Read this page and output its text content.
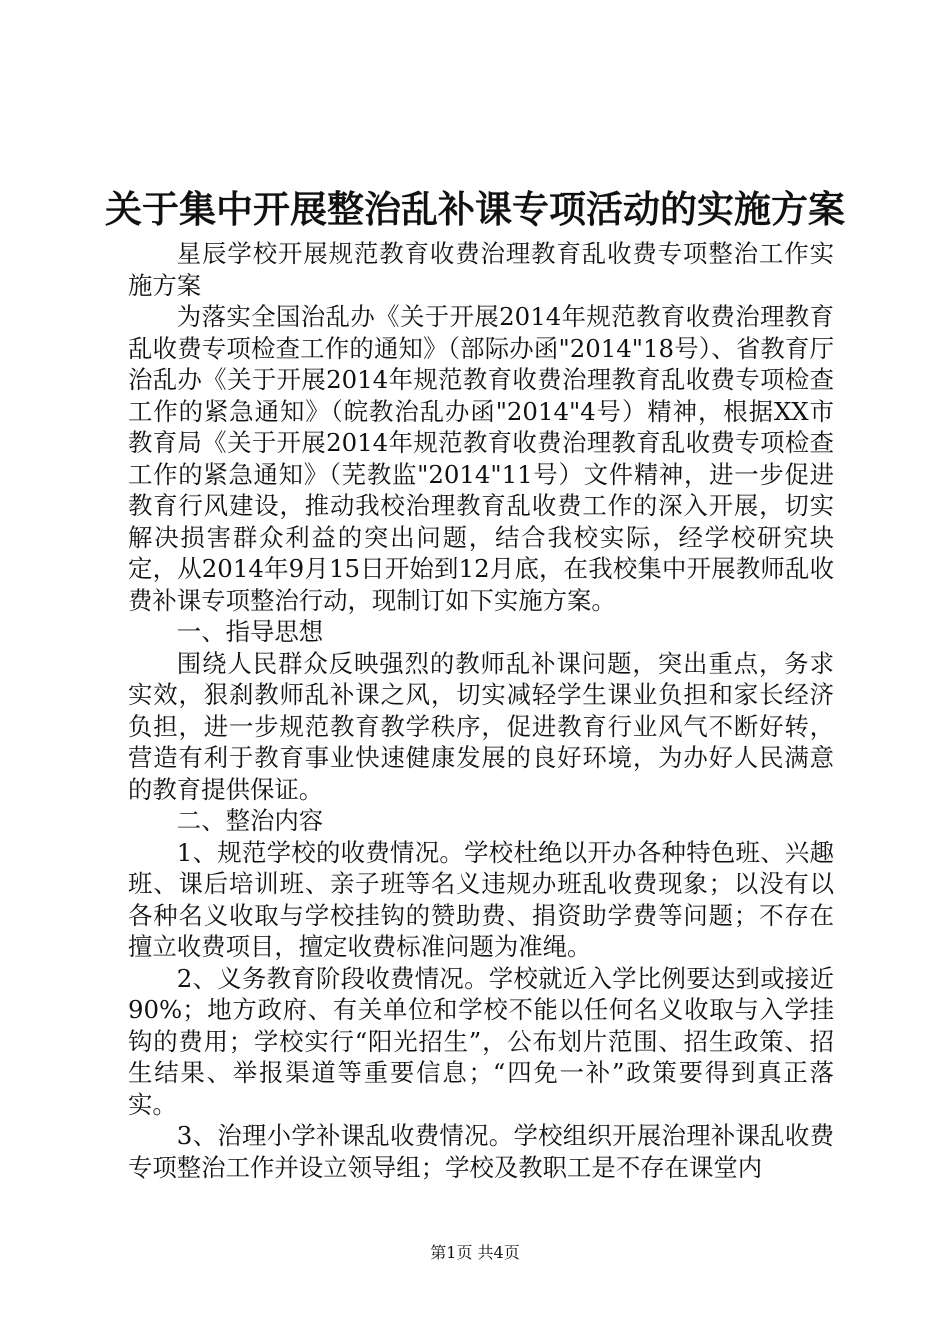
关于集中开展整治乱补课专项活动的实施方案

星辰学校开展规范教育收费治理教育乱收费专项整治工作实施方案

为落实全国治乱办《关于开展2014年规范教育收费治理教育乱收费专项检查工作的通知》（部际办函"2014"18号）、省教育厅治乱办《关于开展2014年规范教育收费治理教育乱收费专项检查工作的紧急通知》（皖教治乱办函"2014"4号）精神，根据XX市教育局《关于开展2014年规范教育收费治理教育乱收费专项检查工作的紧急通知》（芜教监"2014"11号）文件精神，进一步促进教育行风建设，推动我校治理教育乱收费工作的深入开展，切实解决损害群众利益的突出问题，结合我校实际，经学校研究块定，从2014年9月15日开始到12月底，在我校集中开展教师乱收费补课专项整治行动，现制订如下实施方案。

一、指导思想

围绕人民群众反映强烈的教师乱补课问题，突出重点，务求实效，狠刹教师乱补课之风，切实减轻学生课业负担和家长经济负担，进一步规范教育教学秩序，促进教育行业风气不断好转，营造有利于教育事业快速健康发展的良好环境，为办好人民满意的教育提供保证。

二、整治内容

1、规范学校的收费情况。学校杜绝以开办各种特色班、兴趣班、课后培训班、亲子班等名义违规办班乱收费现象；以没有以各种名义收取与学校挂钩的赞助费、捐资助学费等问题；不存在擅立收费项目，擅定收费标准问题为准绳。

2、义务教育阶段收费情况。学校就近入学比例要达到或接近90%；地方政府、有关单位和学校不能以任何名义收取与入学挂钩的费用；学校实行“阳光招生”，公布划片范围、招生政策、招生结果、举报渠道等重要信息；“四免一补”政策要得到真正落实。

3、治理小学补课乱收费情况。学校组织开展治理补课乱收费专项整治工作并设立领导组；学校及教职工是不存在课堂内

第1页 共4页
